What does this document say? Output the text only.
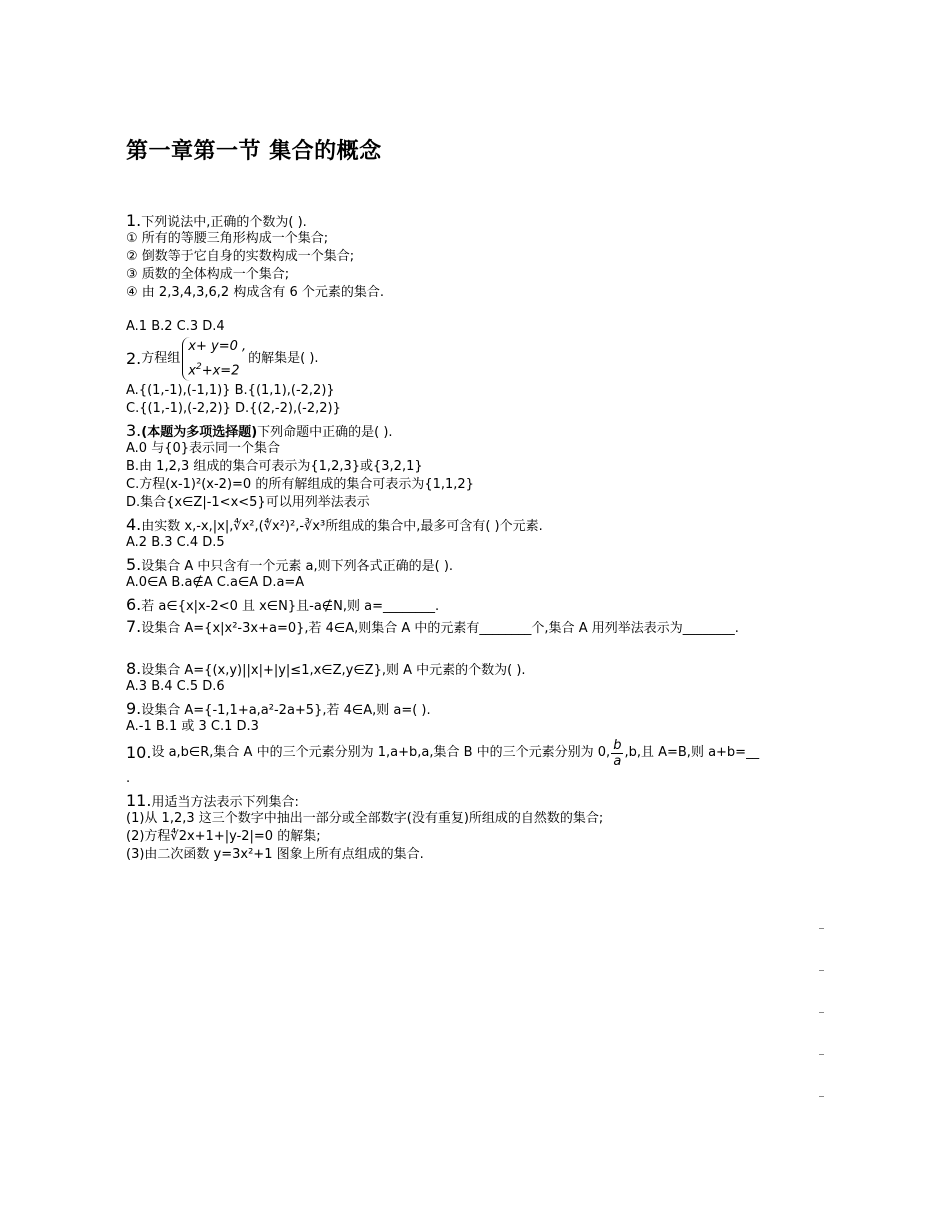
第一章第一节 集合的概念

1.下列说法中,正确的个数为( ).

① 所有的等腰三角形构成一个集合;

② 倒数等于它自身的实数构成一个集合;

③ 质数的全体构成一个集合;

④ 由 2,3,4,3,6,2 构成含有 6 个元素的集合.

A.1 B.2 C.3 D.4

2. 方程组
x+ y=0 ,
$x^2+x=2$
的解集是( ).

A.{(1,-1),(-1,1)} B.{(1,1),(-2,2)}

C.{(1,-1),(-2,2)} D.{(2,-2),(-2,2)}

3.(本题为多项选择题)下列命题中正确的是( ).

A.0 与{0}表示同一个集合

B.由 1,2,3 组成的集合可表示为{1,2,3}或{3,2,1}

C.方程(x-1)²(x-2)=0 的所有解组成的集合可表示为{1,1,2}

D.集合{x∈Z|-1<x<5}可以用列举法表示

4.由实数 x,-x,|x|,∜x²,(∜x²)²,-∛x³所组成的集合中,最多可含有( )个元素.

A.2 B.3 C.4 D.5

5.设集合 A 中只含有一个元素 a,则下列各式正确的是( ).

A.0∈A B.a∉A C.a∈A D.a=A

6.若 a∈{x|x-2<0 且 x∈N}且-a∉N,则 a=________.

7.设集合 A={x|x²-3x+a=0},若 4∈A,则集合 A 中的元素有________个,集合 A 用列举法表示为________.

8.设集合 A={(x,y)||x|+|y|≤1,x∈Z,y∈Z},则 A 中元素的个数为( ).

A.3 B.4 C.5 D.6

9.设集合 A={-1,1+a,a²-2a+5},若 4∈A,则 a=( ).

A.-1 B.1 或 3 C.1 D.3

10. 设 a,b∈R,集合 A 中的三个元素分别为 1,a+b,a,集合 B 中的三个元素分别为 0, $\frac{b}{a} ,b$,且 A=B,则 a+b=__

.

11.用适当方法表示下列集合:

(1)从 1,2,3 这三个数字中抽出一部分或全部数字(没有重复)所组成的自然数的集合;

(2)方程∜2x+1+|y-2|=0 的解集;

(3)由二次函数 y=3x²+1 图象上所有点组成的集合.
